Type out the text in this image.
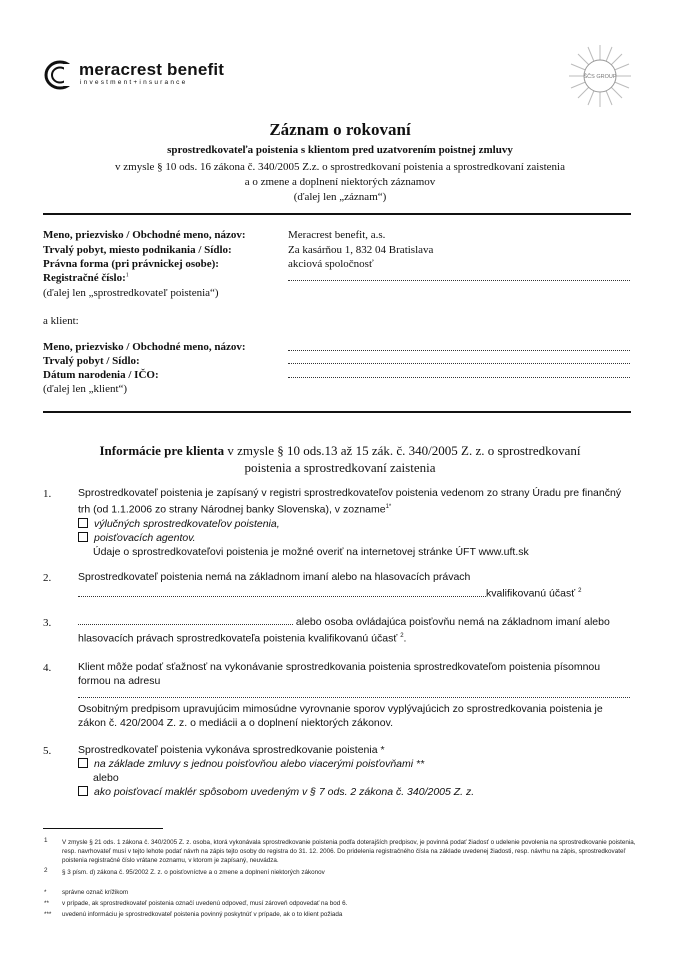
meracrest benefit
investment+insurance
ŠČS GROUP
Záznam o rokovaní
sprostredkovateľa poistenia s klientom pred uzatvorením poistnej zmluvy
v zmysle § 10 ods. 16 zákona č. 340/2005 Z.z. o sprostredkovaní poistenia a sprostredkovaní zaistenia
a o zmene a doplnení niektorých záznamov
(ďalej len „záznam“)
Meno, priezvisko / Obchodné meno, názov:	Meracrest benefit, a.s.
Trvalý pobyt, miesto podnikania / Sídlo:	Za kasárňou 1, 832 04 Bratislava
Právna forma (pri právnickej osobe):	akciová spoločnosť
Registračné číslo:$^1$
(ďalej len „sprostredkovateľ poistenia“)
a klient:
Meno, priezvisko / Obchodné meno, názov:
Trvalý pobyt / Sídlo:
Dátum narodenia / IČO:
(ďalej len „klient“)
Informácie pre klienta v zmysle § 10 ods.13 až 15 zák. č. 340/2005 Z. z. o sprostredkovaní
poistenia a sprostredkovaní zaistenia
1.	Sprostredkovateľ poistenia je zapísaný v registri sprostredkovateľov poistenia vedenom zo strany Úradu pre finančný trh (od 1.1.2006 zo strany Národnej banky Slovenska), v zozname$^{1*}$
výlučných sprostredkovateľov poistenia,
poisťovacích agentov.
Údaje o sprostredkovateľovi poistenia je možné overiť na internetovej stránke ÚFT www.uft.sk
2.	Sprostredkovateľ poistenia nemá na základnom imaní alebo na hlasovacích právach
kvalifikovanú účasť $^2$
3.	alebo osoba ovládajúca poisťovňu nemá na základnom imaní alebo hlasovacích právach sprostredkovateľa poistenia kvalifikovanú účasť $^2$.
4.	Klient môže podať sťažnosť na vykonávanie sprostredkovania poistenia sprostredkovateľom poistenia písomnou formou na adresu

Osobitným predpisom upravujúcim mimosúdne vyrovnanie sporov vyplývajúcich zo sprostredkovania poistenia je zákon č. 420/2004 Z. z. o mediácii a o doplnení niektorých zákonov.
5.	Sprostredkovateľ poistenia vykonáva sprostredkovanie poistenia *
na základe zmluvy s jednou poisťovňou alebo viacerými poisťovňami **
alebo
ako poisťovací maklér spôsobom uvedeným v § 7 ods. 2 zákona č. 340/2005 Z. z.
1 V zmysle § 21 ods. 1 zákona č. 340/2005 Z. z. osoba, ktorá vykonávala sprostredkovanie poistenia podľa doterajších predpisov, je povinná podať žiadosť o udelenie povolenia na sprostredkovanie poistenia, resp. navrhovateľ musí v tejto lehote podať návrh na zápis tejto osoby do registra do 31. 12. 2006. Do pridelenia registračného čísla na základe uvedenej žiadosti, resp. návrhu na zápis, sprostredkovateľ poistenia registračné číslo vrátane zoznamu, v ktorom je zapísaný, neuvádza.
2 § 3 písm. d) zákona č. 95/2002 Z. z. o poisťovníctve a o zmene a doplnení niektorých zákonov
* správne označ krížikom
** v prípade, ak sprostredkovateľ poistenia označí uvedenú odpoveď, musí zároveň odpovedať na bod 6.
*** uvedenú informáciu je sprostredkovateľ poistenia povinný poskytnúť v prípade, ak o to klient požiada
